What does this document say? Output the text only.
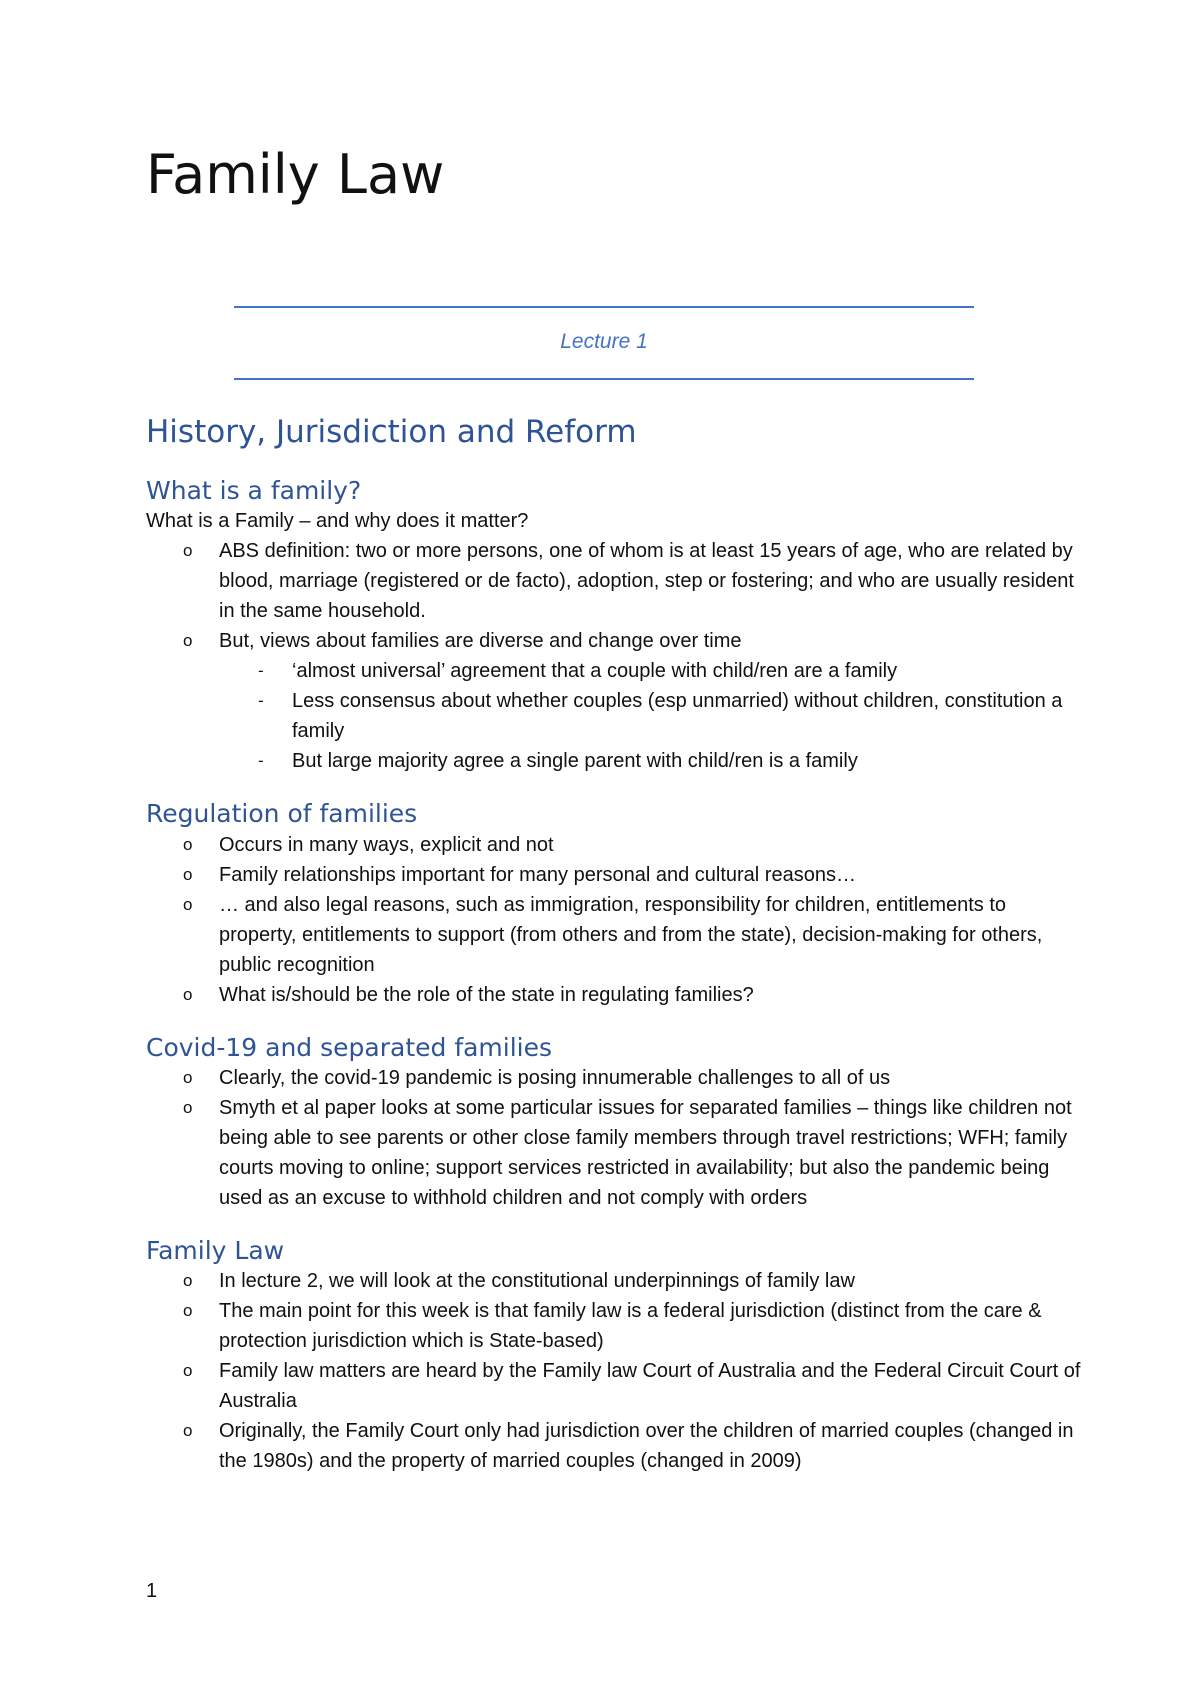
Family Law
Lecture 1
History, Jurisdiction and Reform
What is a family?

What is a Family – and why does it matter?

o ABS definition: two or more persons, one of whom is at least 15 years of age, who are related by blood, marriage (registered or de facto), adoption, step or fostering; and who are usually resident in the same household.
o But, views about families are diverse and change over time
- ‘almost universal’ agreement that a couple with child/ren are a family
- Less consensus about whether couples (esp unmarried) without children, constitution a family
- But large majority agree a single parent with child/ren is a family
Regulation of families
o Occurs in many ways, explicit and not
o Family relationships important for many personal and cultural reasons…
o … and also legal reasons, such as immigration, responsibility for children, entitlements to property, entitlements to support (from others and from the state), decision-making for others, public recognition
o What is/should be the role of the state in regulating families?
Covid-19 and separated families
o Clearly, the covid-19 pandemic is posing innumerable challenges to all of us
o Smyth et al paper looks at some particular issues for separated families – things like children not being able to see parents or other close family members through travel restrictions; WFH; family courts moving to online; support services restricted in availability; but also the pandemic being used as an excuse to withhold children and not comply with orders
Family Law
o In lecture 2, we will look at the constitutional underpinnings of family law
o The main point for this week is that family law is a federal jurisdiction (distinct from the care & protection jurisdiction which is State-based)
o Family law matters are heard by the Family law Court of Australia and the Federal Circuit Court of Australia
o Originally, the Family Court only had jurisdiction over the children of married couples (changed in the 1980s) and the property of married couples (changed in 2009)
1
